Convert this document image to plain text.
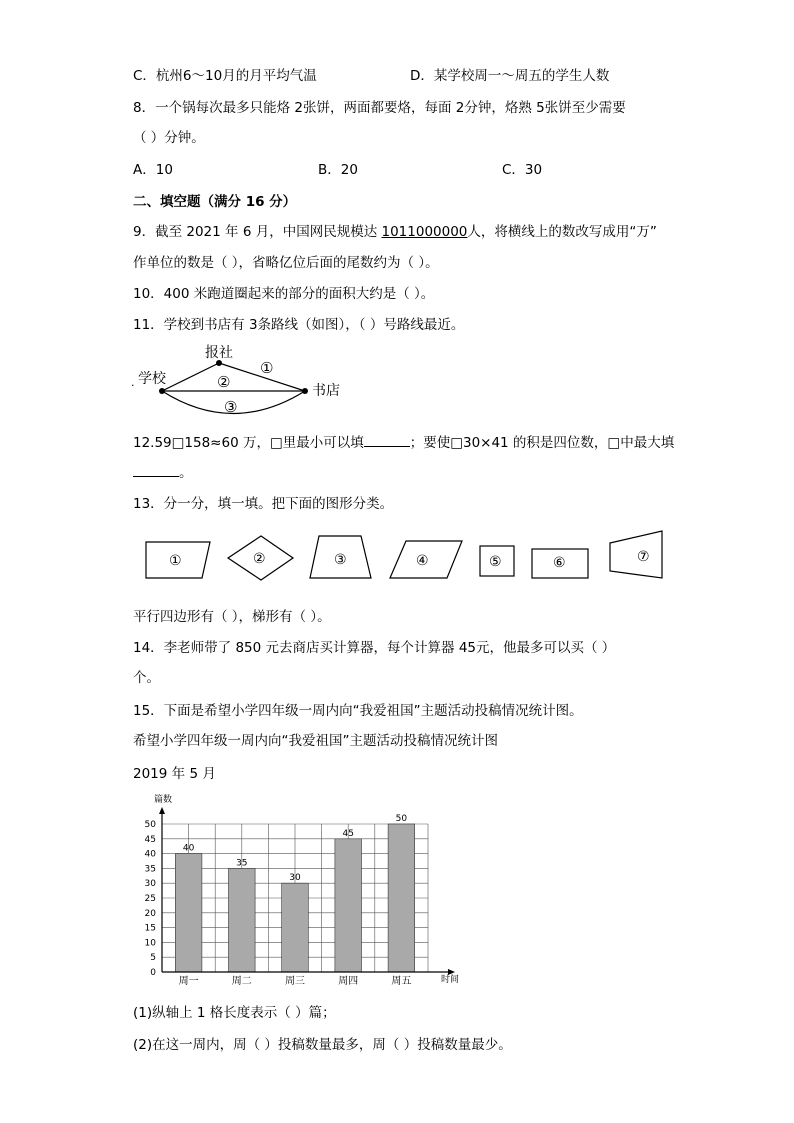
C．杭州6～10月的月平均气温	D．某学校周一～周五的学生人数
8．一个锅每次最多只能烙 2张饼，两面都要烙，每面 2分钟，烙熟 5张饼至少需要
（ ）分钟。
A．10	B．20	C．30
二、填空题（满分 16 分）
9．截至 2021 年 6 月，中国网民规模达 1011000000人，将横线上的数改写成用“万”
作单位的数是（ ），省略亿位后面的尾数约为（ ）。
10．400 米跑道圈起来的部分的面积大约是（ ）。
11．学校到书店有 3条路线（如图），（ ）号路线最近。
. 学校
报社
书店
①
②
③
12.59□158≈60 万，□里最小可以填	；要使□30×41 的积是四位数，□中最大填
。
13．分一分，填一填。把下面的图形分类。
①	②	③	④	⑤	⑥	⑦
平行四边形有（ ），梯形有（ ）。
14．李老师带了 850 元去商店买计算器，每个计算器 45元，他最多可以买（ ）
个。
15．下面是希望小学四年级一周内向“我爱祖国”主题活动投稿情况统计图。
希望小学四年级一周内向“我爱祖国”主题活动投稿情况统计图
2019 年 5 月
40
35
30
45
50
0
5
10
15
20
25
30
35
40
45
50
周一	周二	周三	周四	周五
篇数
时间
(1)纵轴上 1 格长度表示（ ）篇；
(2)在这一周内，周（ ）投稿数量最多，周（ ）投稿数量最少。
